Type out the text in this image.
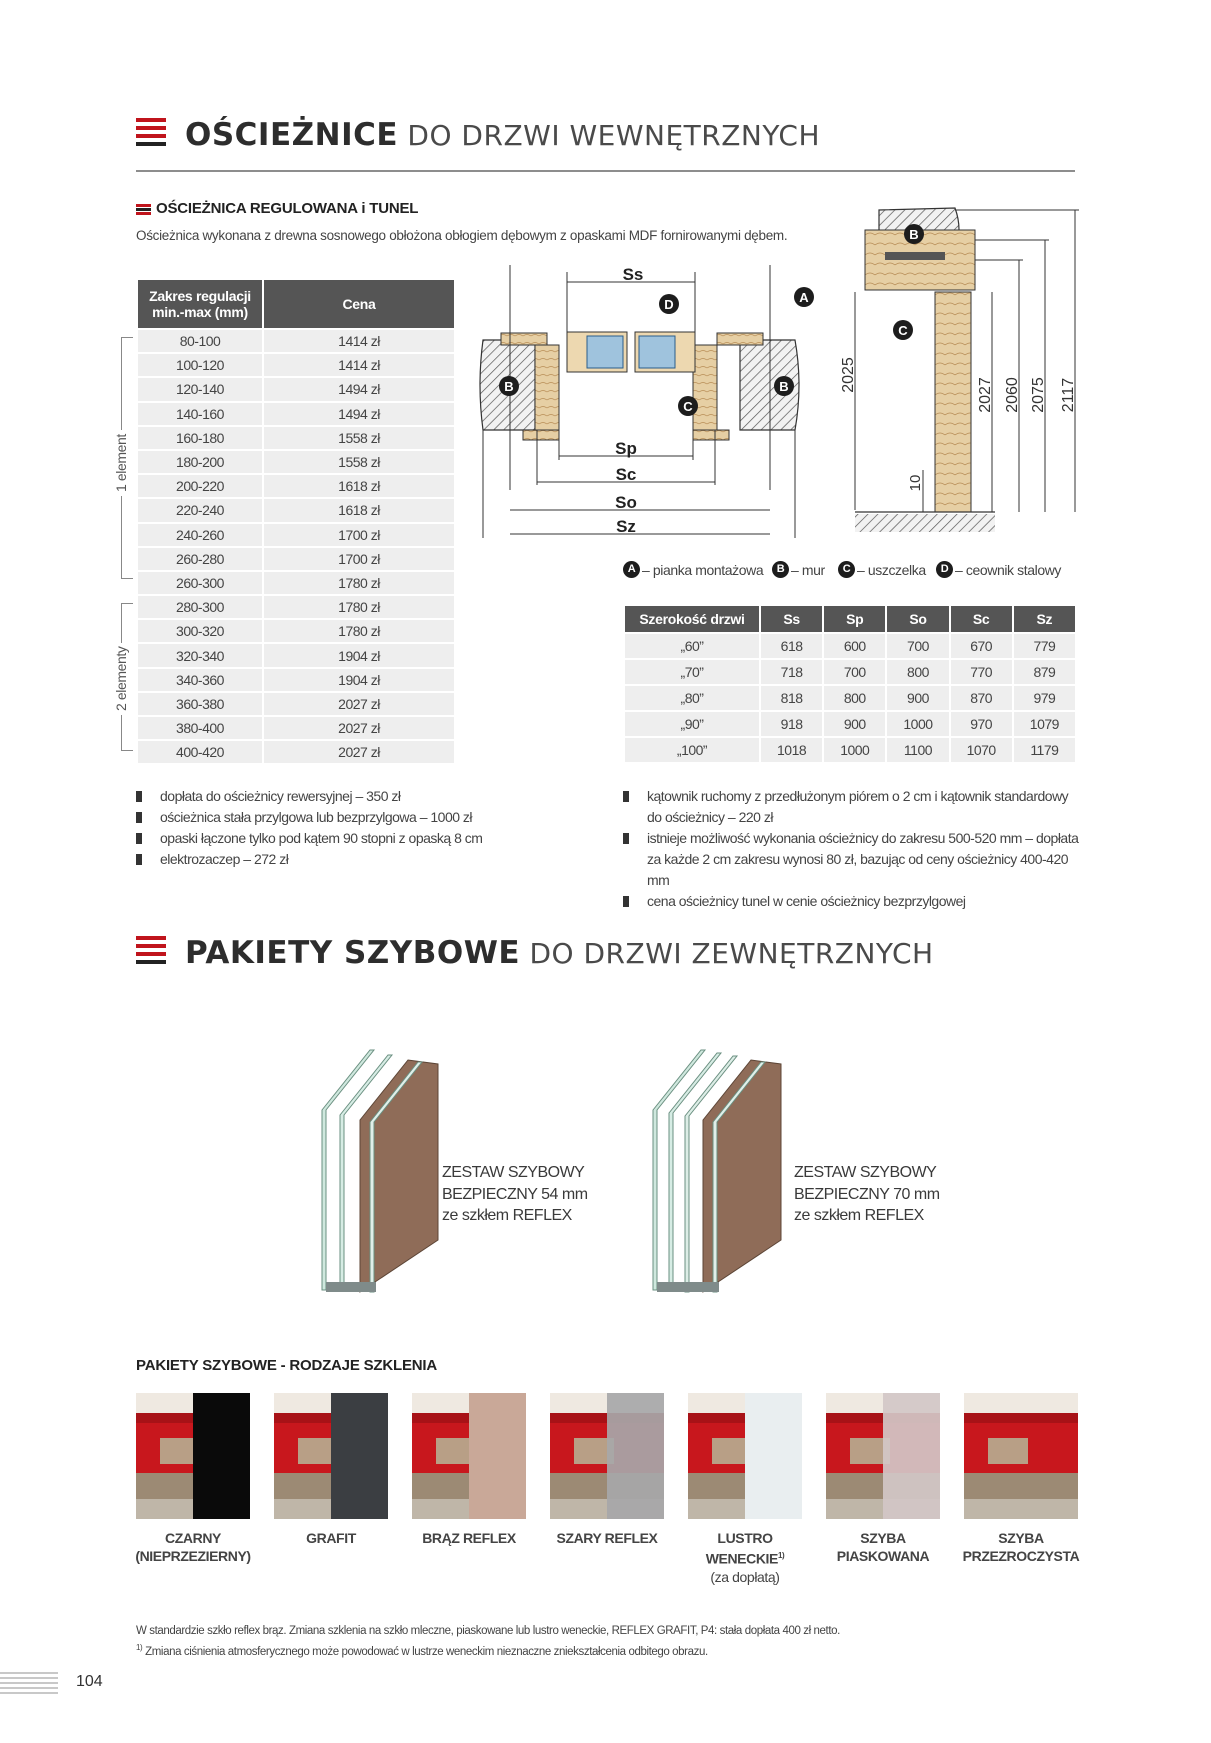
OŚCIEŻNICE DO DRZWI WEWNĘTRZNYCH
OŚCIEŻNICA REGULOWANA i TUNEL
Ościeżnica wykonana z drewna sosnowego obłożona obłogiem dębowym z opaskami MDF fornirowanymi dębem.
Zakres regulacji min.-max (mm)	Cena
80-100	1414 zł
100-120	1414 zł
120-140	1494 zł
140-160	1494 zł
160-180	1558 zł
180-200	1558 zł
200-220	1618 zł
220-240	1618 zł
240-260	1700 zł
260-280	1700 zł
260-300	1780 zł
280-300	1780 zł
300-320	1780 zł
320-340	1904 zł
340-360	1904 zł
360-380	2027 zł
380-400	2027 zł
400-420	2027 zł
1 element
2 elementy
Ss
Sp
Sc
So
Sz
B	B
A
C
D
2025
10
2027 2060 2075 2117
B
C
A – pianka montażowa	B – mur	C – uszczelka	D – ceownik stalowy
Szerokość drzwi	Ss	Sp	So	Sc	Sz
„60”	618	600	700	670	779
„70”	718	700	800	770	879
„80”	818	800	900	870	979
„90”	918	900	1000	970	1079
„100”	1018	1000	1100	1070	1179
dopłata do ościeżnicy rewersyjnej – 350 zł
ościeżnica stała przylgowa lub bezprzylgowa – 1000 zł
opaski łączone tylko pod kątem 90 stopni z opaską 8 cm
elektrozaczep – 272 zł
kątownik ruchomy z przedłużonym piórem o 2 cm i kątownik standardowy do ościeżnicy – 220 zł
istnieje możliwość wykonania ościeżnicy do zakresu 500-520 mm – dopłata za każde 2 cm zakresu wynosi 80 zł, bazując od ceny ościeżnicy 400-420 mm
cena ościeżnicy tunel w cenie ościeżnicy bezprzylgowej
PAKIETY SZYBOWE DO DRZWI ZEWNĘTRZNYCH
ZESTAW SZYBOWY
BEZPIECZNY 54 mm
ze szkłem REFLEX
ZESTAW SZYBOWY
BEZPIECZNY 70 mm
ze szkłem REFLEX
PAKIETY SZYBOWE - RODZAJE SZKLENIA
CZARNY
(NIEPRZEZIERNY)
GRAFIT	BRĄZ REFLEX	SZARY REFLEX	LUSTRO WENECKIE$^{1)}$
(za dopłatą)
SZYBA
PIASKOWANA
SZYBA
PRZEZROCZYSTA
W standardzie szkło reflex brąz. Zmiana szklenia na szkło mleczne, piaskowane lub lustro weneckie, REFLEX GRAFIT, P4: stała dopłata 400 zł netto.
$^{1)}$ Zmiana ciśnienia atmosferycznego może powodować w lustrze weneckim nieznaczne zniekształcenia odbitego obrazu.
104
